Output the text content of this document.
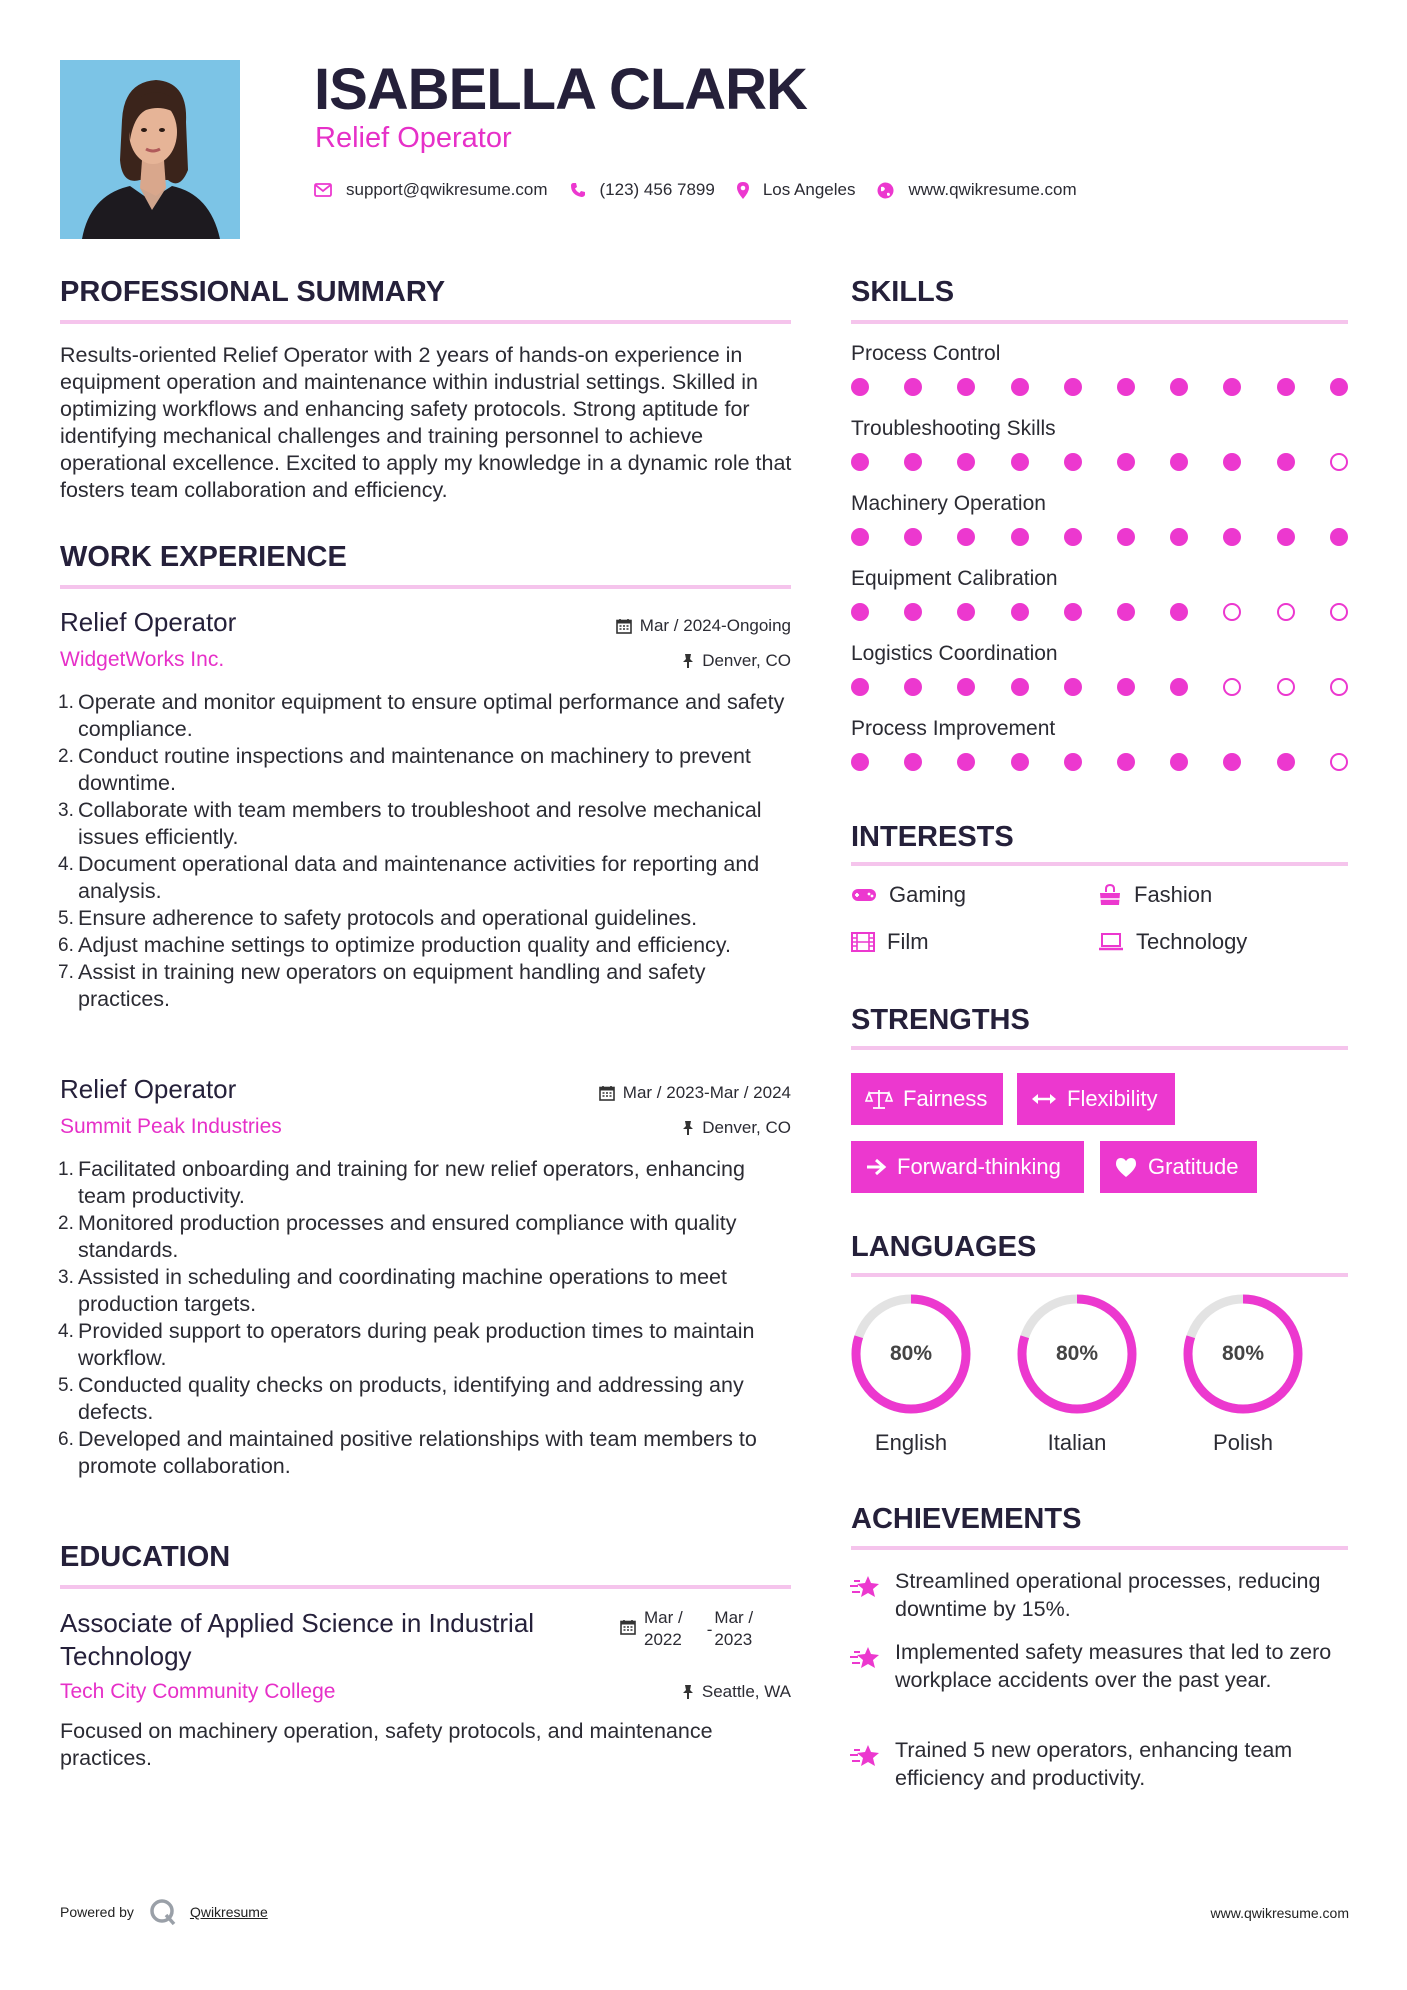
ISABELLA CLARK
Relief Operator
support@qwikresume.com	(123) 456 7899	Los Angeles	www.qwikresume.com
PROFESSIONAL SUMMARY
Results-oriented Relief Operator with 2 years of hands-on experience in equipment operation and maintenance within industrial settings. Skilled in optimizing workflows and enhancing safety protocols. Strong aptitude for identifying mechanical challenges and training personnel to achieve operational excellence. Excited to apply my knowledge in a dynamic role that fosters team collaboration and efficiency.
WORK EXPERIENCE
Relief Operator	Mar / 2024-Ongoing
WidgetWorks Inc.	Denver, CO
Operate and monitor equipment to ensure optimal performance and safety compliance.
Conduct routine inspections and maintenance on machinery to prevent downtime.
Collaborate with team members to troubleshoot and resolve mechanical issues efficiently.
Document operational data and maintenance activities for reporting and analysis.
Ensure adherence to safety protocols and operational guidelines.
Adjust machine settings to optimize production quality and efficiency.
Assist in training new operators on equipment handling and safety practices.
Relief Operator	Mar / 2023-Mar / 2024
Summit Peak Industries	Denver, CO
Facilitated onboarding and training for new relief operators, enhancing team productivity.
Monitored production processes and ensured compliance with quality standards.
Assisted in scheduling and coordinating machine operations to meet production targets.
Provided support to operators during peak production times to maintain workflow.
Conducted quality checks on products, identifying and addressing any defects.
Developed and maintained positive relationships with team members to promote collaboration.
EDUCATION
Associate of Applied Science in Industrial Technology
Mar /
2022
-
Mar /
2023
Tech City Community College	Seattle, WA
Focused on machinery operation, safety protocols, and maintenance practices.
SKILLS
Process Control
Troubleshooting Skills
Machinery Operation
Equipment Calibration
Logistics Coordination
Process Improvement
INTERESTS
Gaming	Fashion
Film	Technology
STRENGTHS
Fairness	Flexibility
Forward-thinking	Gratitude
LANGUAGES
80%
English
80%
Italian
80%
Polish
ACHIEVEMENTS
Streamlined operational processes, reducing downtime by 15%.
Implemented safety measures that led to zero workplace accidents over the past year.
Trained 5 new operators, enhancing team efficiency and productivity.
Powered by	Qwikresume	www.qwikresume.com
